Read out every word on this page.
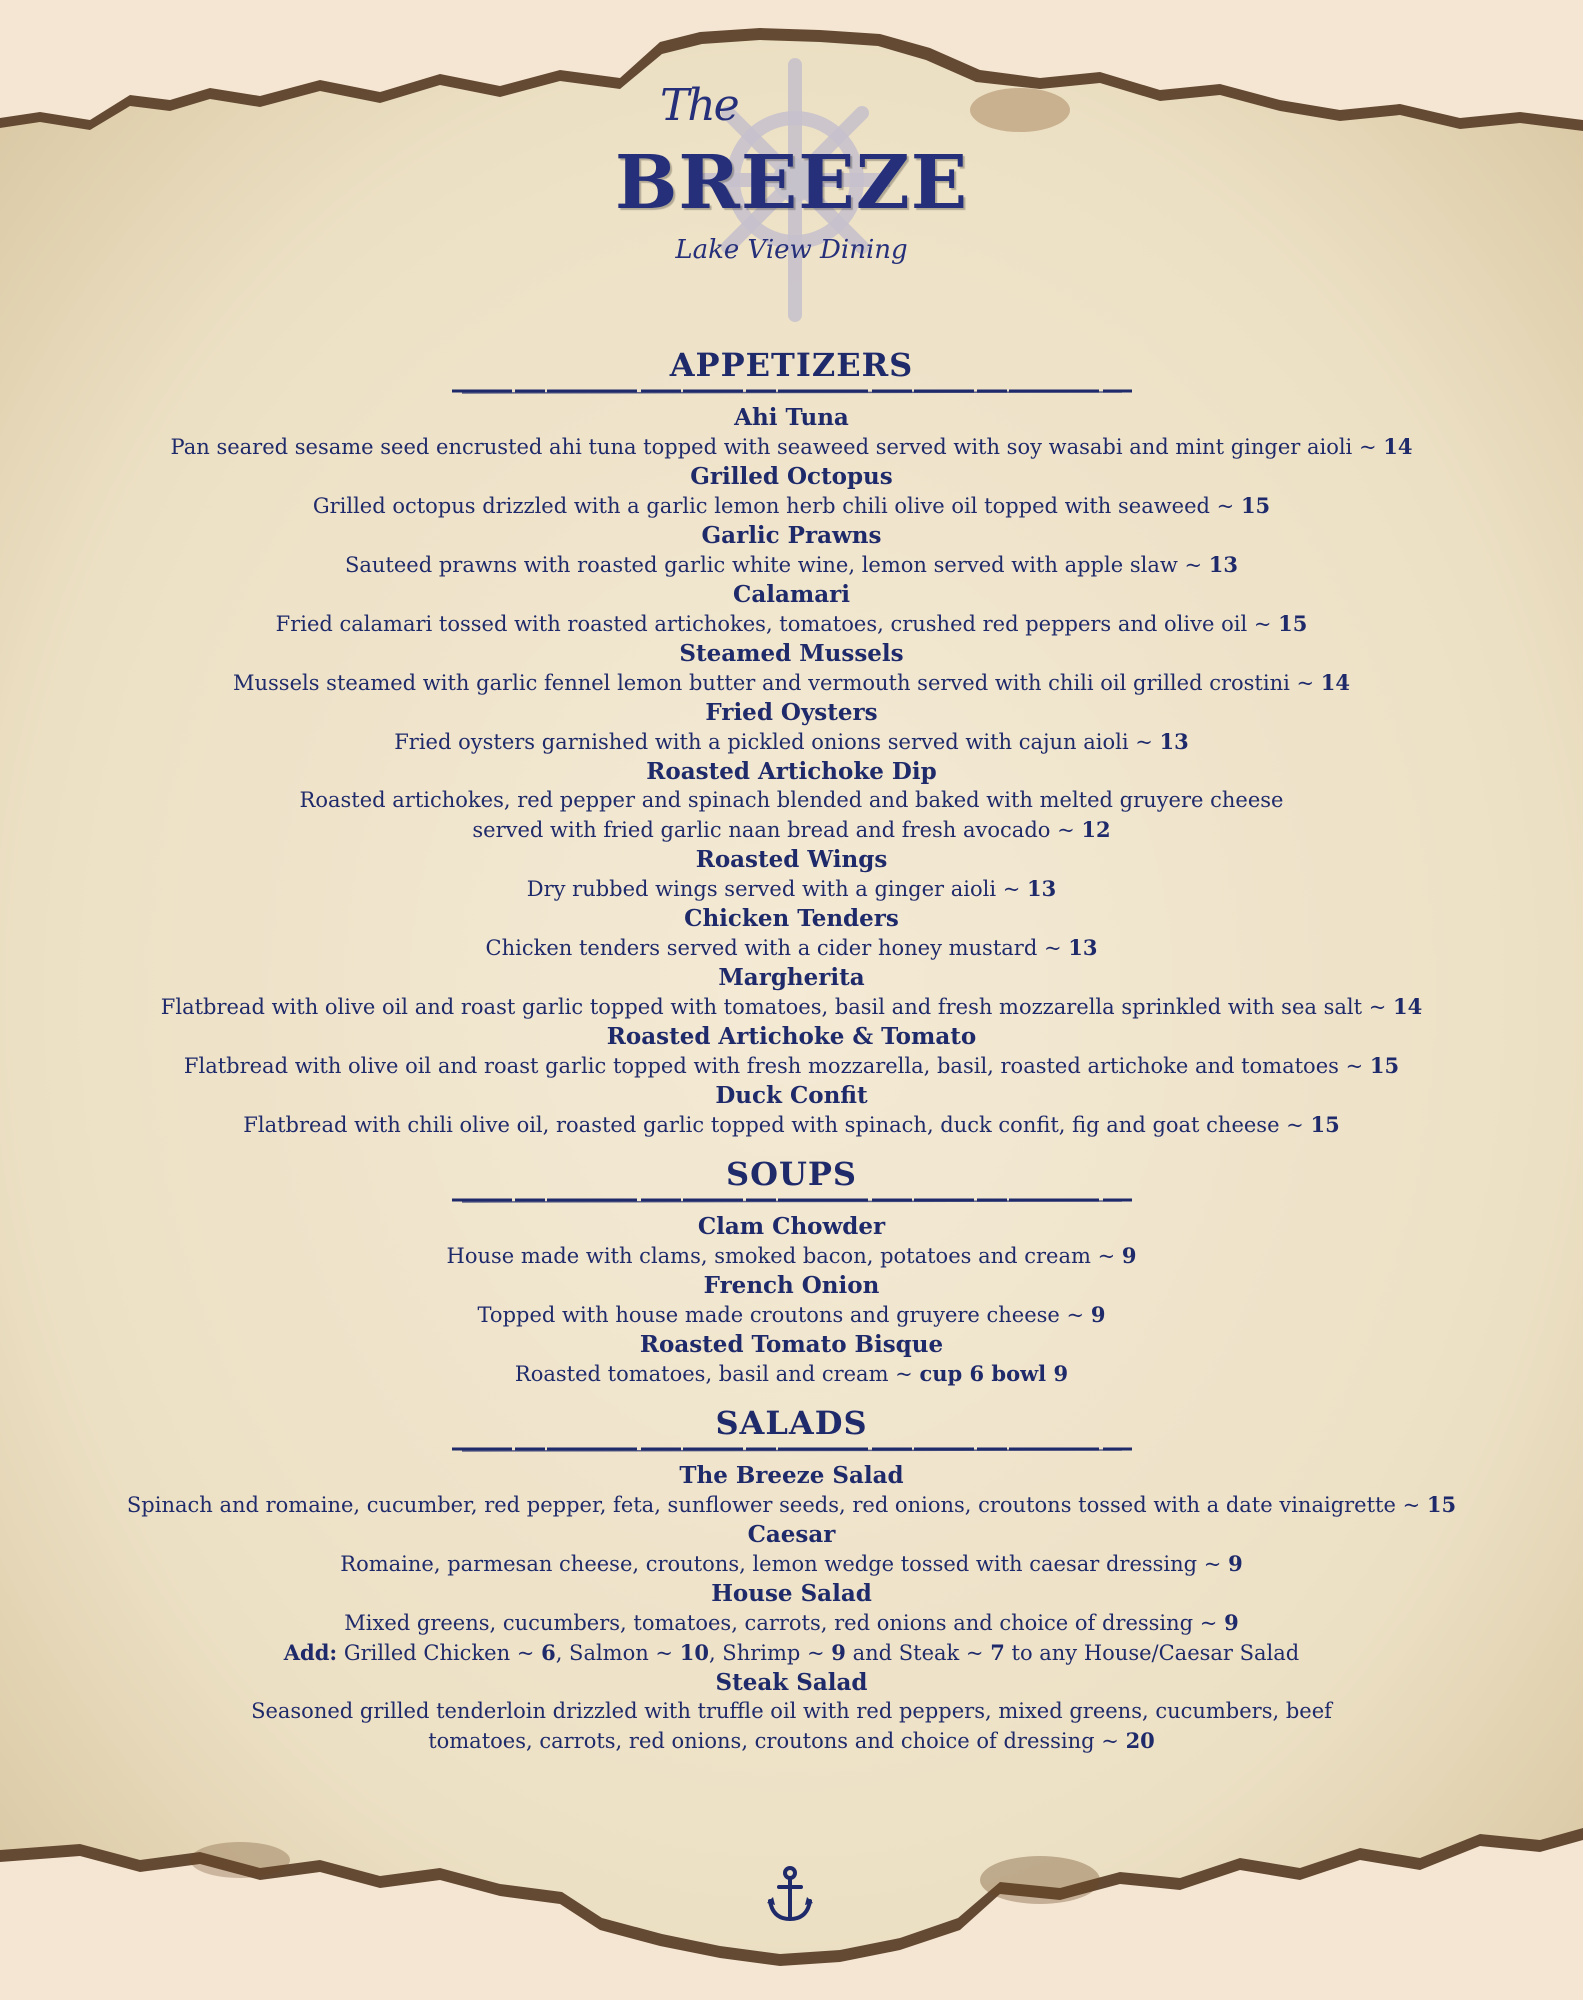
The
BREEZE
Lake View Dining
APPETIZERS
Ahi Tuna
Pan seared sesame seed encrusted ahi tuna topped with seaweed served with soy wasabi and mint ginger aioli ~ 14
Grilled Octopus
Grilled octopus drizzled with a garlic lemon herb chili olive oil topped with seaweed ~ 15
Garlic Prawns
Sauteed prawns with roasted garlic white wine, lemon served with apple slaw ~ 13
Calamari
Fried calamari tossed with roasted artichokes, tomatoes, crushed red peppers and olive oil ~ 15
Steamed Mussels
Mussels steamed with garlic fennel lemon butter and vermouth served with chili oil grilled crostini ~ 14
Fried Oysters
Fried oysters garnished with a pickled onions served with cajun aioli ~ 13
Roasted Artichoke Dip
Roasted artichokes, red pepper and spinach blended and baked with melted gruyere cheese
served with fried garlic naan bread and fresh avocado ~ 12
Roasted Wings
Dry rubbed wings served with a ginger aioli ~ 13
Chicken Tenders
Chicken tenders served with a cider honey mustard ~ 13
Margherita
Flatbread with olive oil and roast garlic topped with tomatoes, basil and fresh mozzarella sprinkled with sea salt ~ 14
Roasted Artichoke & Tomato
Flatbread with olive oil and roast garlic topped with fresh mozzarella, basil, roasted artichoke and tomatoes ~ 15
Duck Confit
Flatbread with chili olive oil, roasted garlic topped with spinach, duck confit, fig and goat cheese ~ 15
SOUPS
Clam Chowder
House made with clams, smoked bacon, potatoes and cream ~ 9
French Onion
Topped with house made croutons and gruyere cheese ~ 9
Roasted Tomato Bisque
Roasted tomatoes, basil and cream ~ cup 6 bowl 9
SALADS
The Breeze Salad
Spinach and romaine, cucumber, red pepper, feta, sunflower seeds, red onions, croutons tossed with a date vinaigrette ~ 15
Caesar
Romaine, parmesan cheese, croutons, lemon wedge tossed with caesar dressing ~ 9
House Salad
Mixed greens, cucumbers, tomatoes, carrots, red onions and choice of dressing ~ 9
Add: Grilled Chicken ~ 6, Salmon ~ 10, Shrimp ~ 9 and Steak ~ 7 to any House/Caesar Salad
Steak Salad
Seasoned grilled tenderloin drizzled with truffle oil with red peppers, mixed greens, cucumbers, beef
tomatoes, carrots, red onions, croutons and choice of dressing ~ 20
